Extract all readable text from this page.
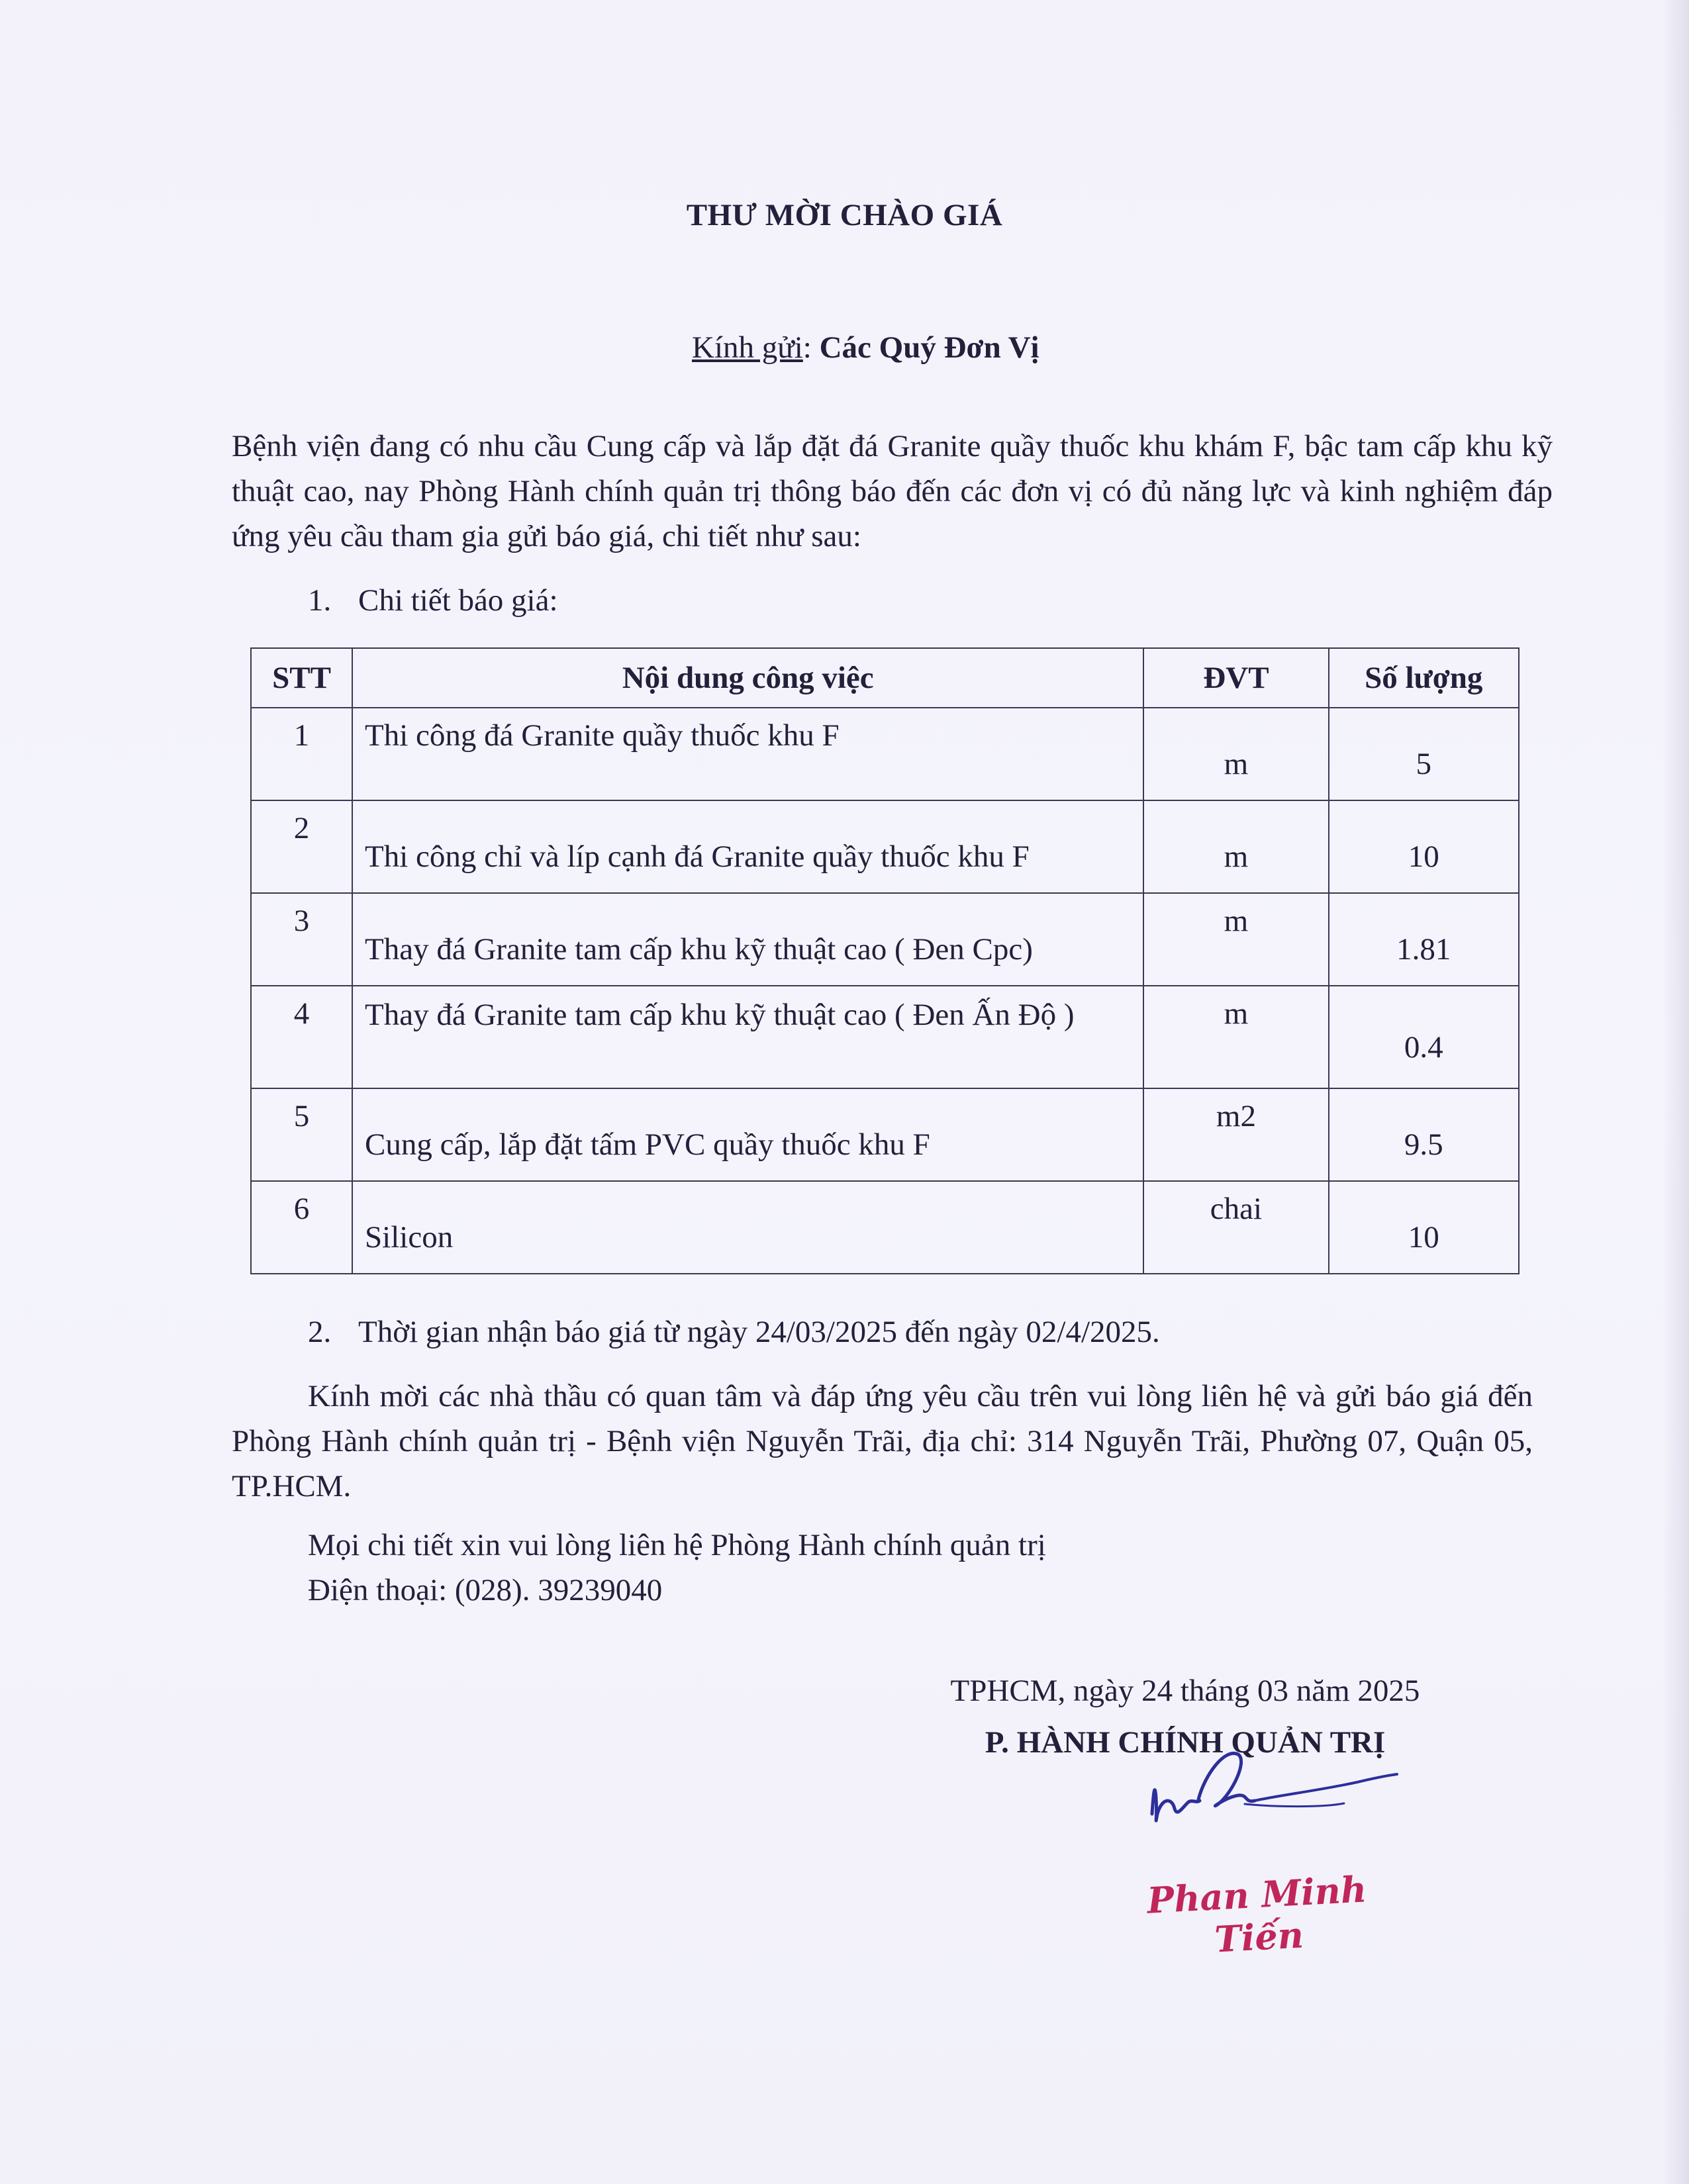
THƯ MỜI CHÀO GIÁ
Kính gửi: Các Quý Đơn Vị
Bệnh viện đang có nhu cầu Cung cấp và lắp đặt đá Granite quầy thuốc khu khám F, bậc tam cấp khu kỹ thuật cao, nay Phòng Hành chính quản trị thông báo đến các đơn vị có đủ năng lực và kinh nghiệm đáp ứng yêu cầu tham gia gửi báo giá, chi tiết như sau:
1. Chi tiết báo giá:
STT	Nội dung công việc	ĐVT	Số lượng
1	Thi công đá Granite quầy thuốc khu F	m	5
2	Thi công chỉ và líp cạnh đá Granite quầy thuốc khu F	m	10
3	Thay đá Granite tam cấp khu kỹ thuật cao ( Đen Cpc)	m	1.81
4	Thay đá Granite tam cấp khu kỹ thuật cao ( Đen Ấn Độ )	m	0.4
5	Cung cấp, lắp đặt tấm PVC quầy thuốc khu F	m2	9.5
6	Silicon	chai	10
2. Thời gian nhận báo giá từ ngày 24/03/2025 đến ngày 02/4/2025.
Kính mời các nhà thầu có quan tâm và đáp ứng yêu cầu trên vui lòng liên hệ và gửi báo giá đến Phòng Hành chính quản trị - Bệnh viện Nguyễn Trãi, địa chỉ: 314 Nguyễn Trãi, Phường 07, Quận 05, TP.HCM.
Mọi chi tiết xin vui lòng liên hệ Phòng Hành chính quản trị
Điện thoại: (028). 39239040
TPHCM, ngày 24 tháng 03 năm 2025
P. HÀNH CHÍNH QUẢN TRỊ
Phan Minh Tiến
